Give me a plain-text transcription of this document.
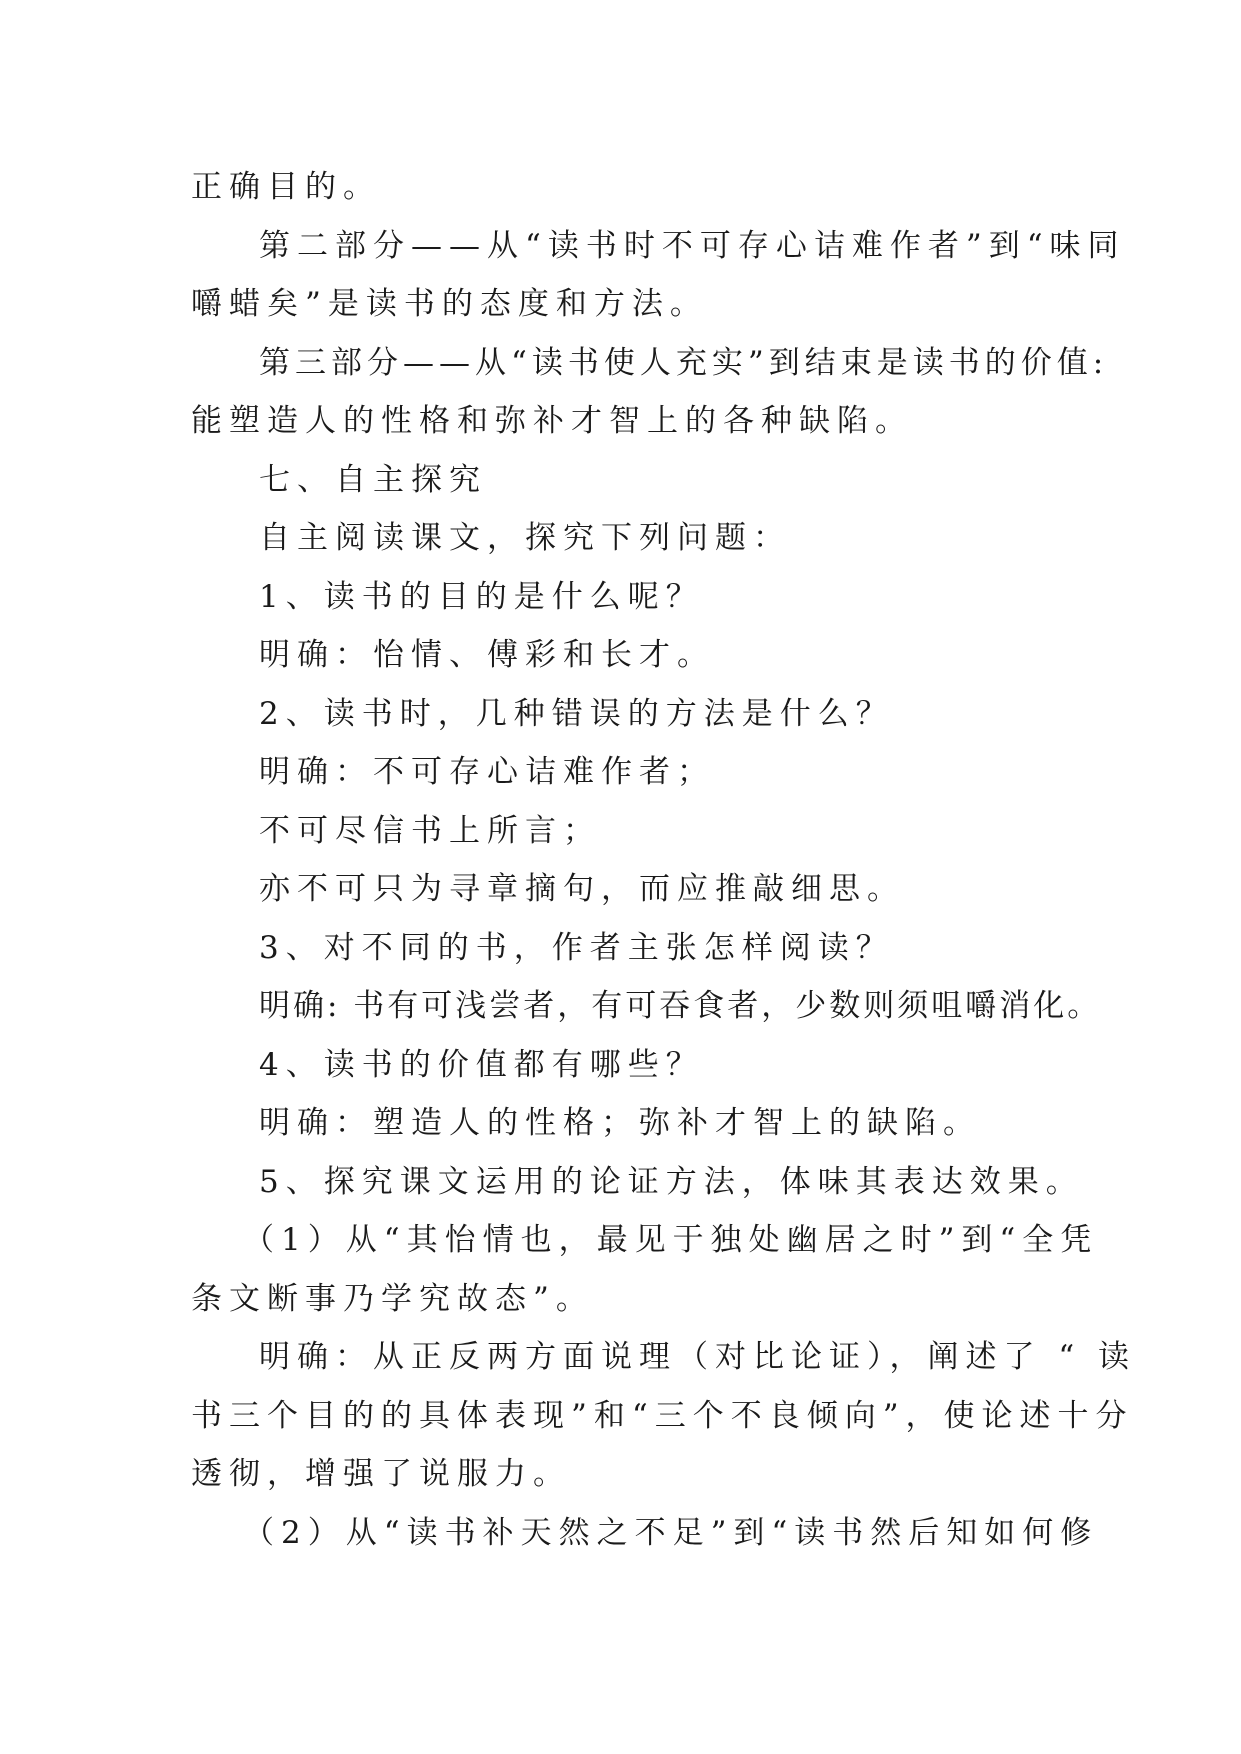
正确目的。

第二部分——从“读书时不可存心诘难作者”到“味同

嚼蜡矣”是读书的态度和方法。

第三部分——从“读书使人充实”到结束是读书的价值:

能塑造人的性格和弥补才智上的各种缺陷。

七、自主探究

自主阅读课文，探究下列问题：

1、读书的目的是什么呢？

明确：怡情、傅彩和长才。

2、读书时，几种错误的方法是什么？

明确：不可存心诘难作者；

不可尽信书上所言；

亦不可只为寻章摘句，而应推敲细思。

3、对不同的书，作者主张怎样阅读？

明确: 书有可浅尝者，有可吞食者，少数则须咀嚼消化。

4、读书的价值都有哪些？

明确：塑造人的性格；弥补才智上的缺陷。

5、探究课文运用的论证方法，体味其表达效果。

（1）从“其怡情也，最见于独处幽居之时”到“全凭

条文断事乃学究故态”。

明确：从正反两方面说理（对比论证），阐述了 “ 读

书三个目的的具体表现”和“三个不良倾向”，使论述十分

透彻，增强了说服力。

（2）从“读书补天然之不足”到“读书然后知如何修
